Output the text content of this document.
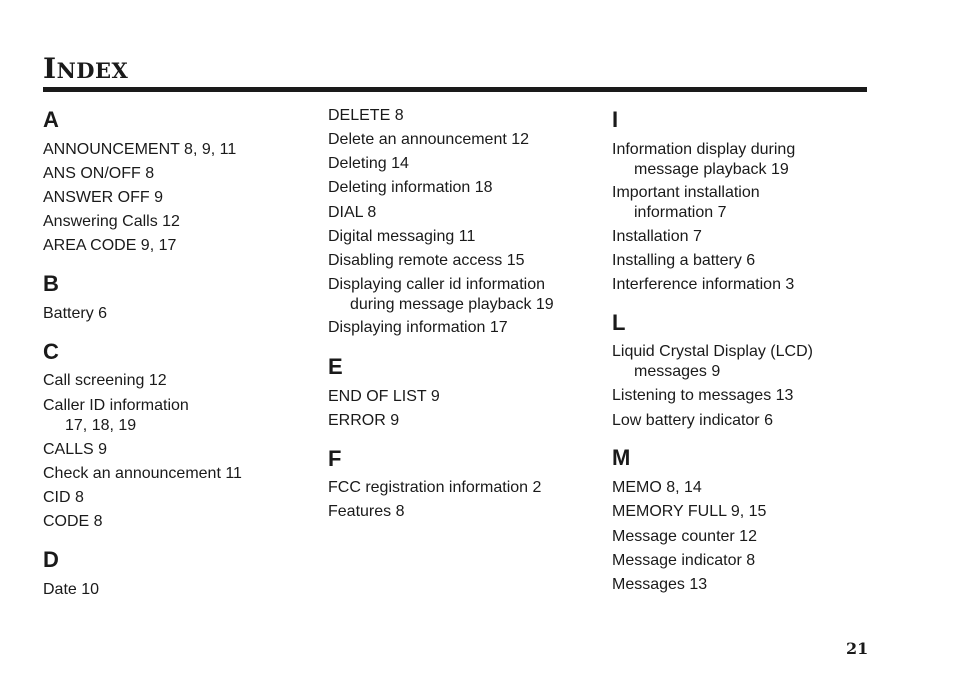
INDEX
A
ANNOUNCEMENT 8, 9, 11
ANS ON/OFF 8
ANSWER OFF 9
Answering Calls 12
AREA CODE 9, 17
B
Battery 6
C
Call screening 12
Caller ID information
17, 18, 19
CALLS 9
Check an announcement 11
CID 8
CODE 8
D
Date 10
DELETE 8
Delete an announcement 12
Deleting 14
Deleting information 18
DIAL 8
Digital messaging 11
Disabling remote access 15
Displaying caller id information
during message playback 19
Displaying information 17
E
END OF LIST 9
ERROR 9
F
FCC registration information 2
Features 8
I
Information display during
message playback 19
Important installation
information 7
Installation 7
Installing a battery 6
Interference information 3
L
Liquid Crystal Display (LCD)
messages 9
Listening to messages 13
Low battery indicator 6
M
MEMO 8, 14
MEMORY FULL 9, 15
Message counter 12
Message indicator 8
Messages 13
21
